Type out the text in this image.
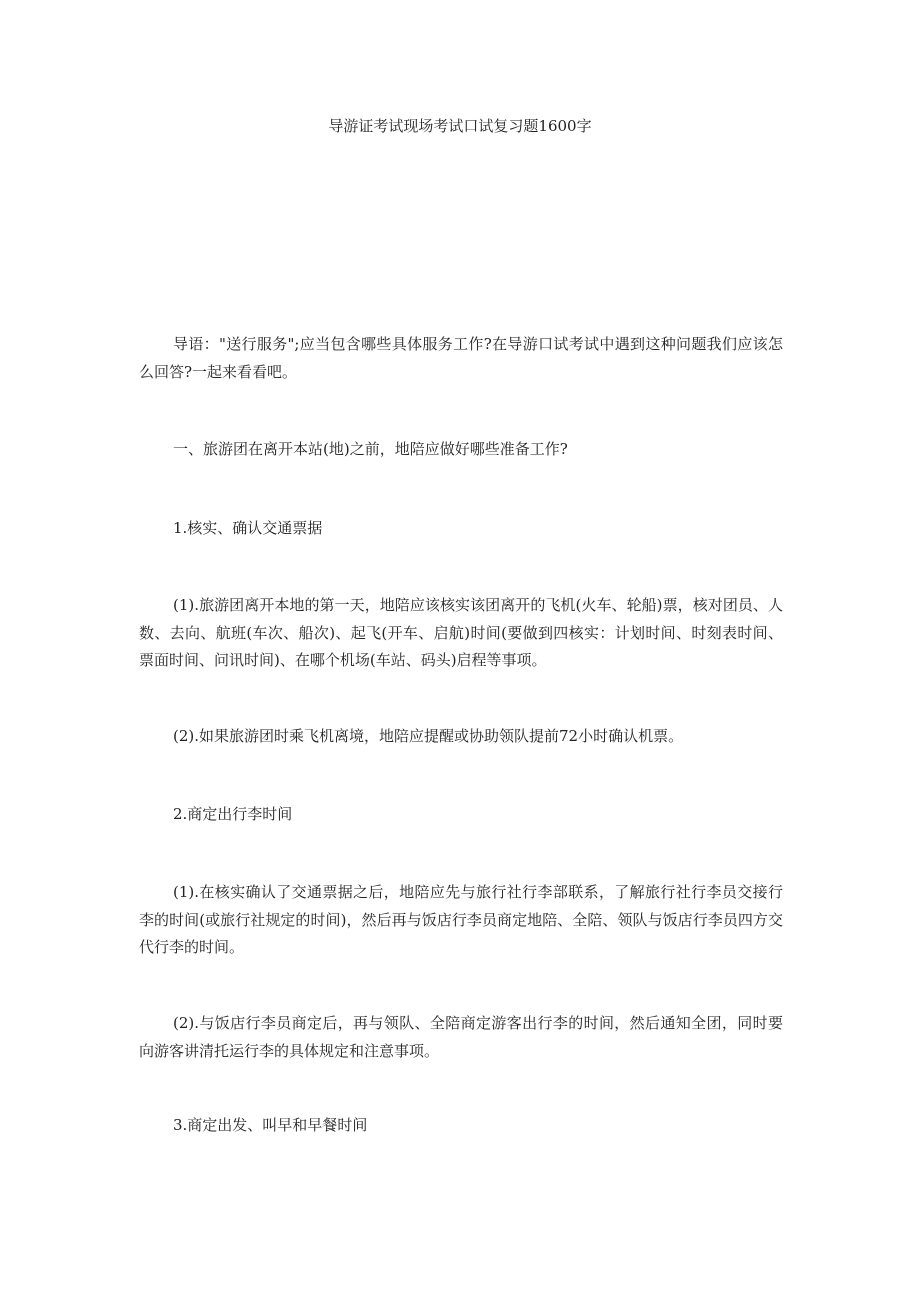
导游证考试现场考试口试复习题1600字

导语："送行服务";应当包含哪些具体服务工作?在导游口试考试中遇到这种问题我们应该怎么回答?一起来看看吧。

一、旅游团在离开本站(地)之前，地陪应做好哪些准备工作?

1.核实、确认交通票据

(1).旅游团离开本地的第一天，地陪应该核实该团离开的飞机(火车、轮船)票，核对团员、人数、去向、航班(车次、船次)、起飞(开车、启航)时间(要做到四核实：计划时间、时刻表时间、票面时间、问讯时间)、在哪个机场(车站、码头)启程等事项。

(2).如果旅游团时乘飞机离境，地陪应提醒或协助领队提前72小时确认机票。

2.商定出行李时间

(1).在核实确认了交通票据之后，地陪应先与旅行社行李部联系，了解旅行社行李员交接行李的时间(或旅行社规定的时间)，然后再与饭店行李员商定地陪、全陪、领队与饭店行李员四方交代行李的时间。

(2).与饭店行李员商定后，再与领队、全陪商定游客出行李的时间，然后通知全团，同时要向游客讲清托运行李的具体规定和注意事项。

3.商定出发、叫早和早餐时间
